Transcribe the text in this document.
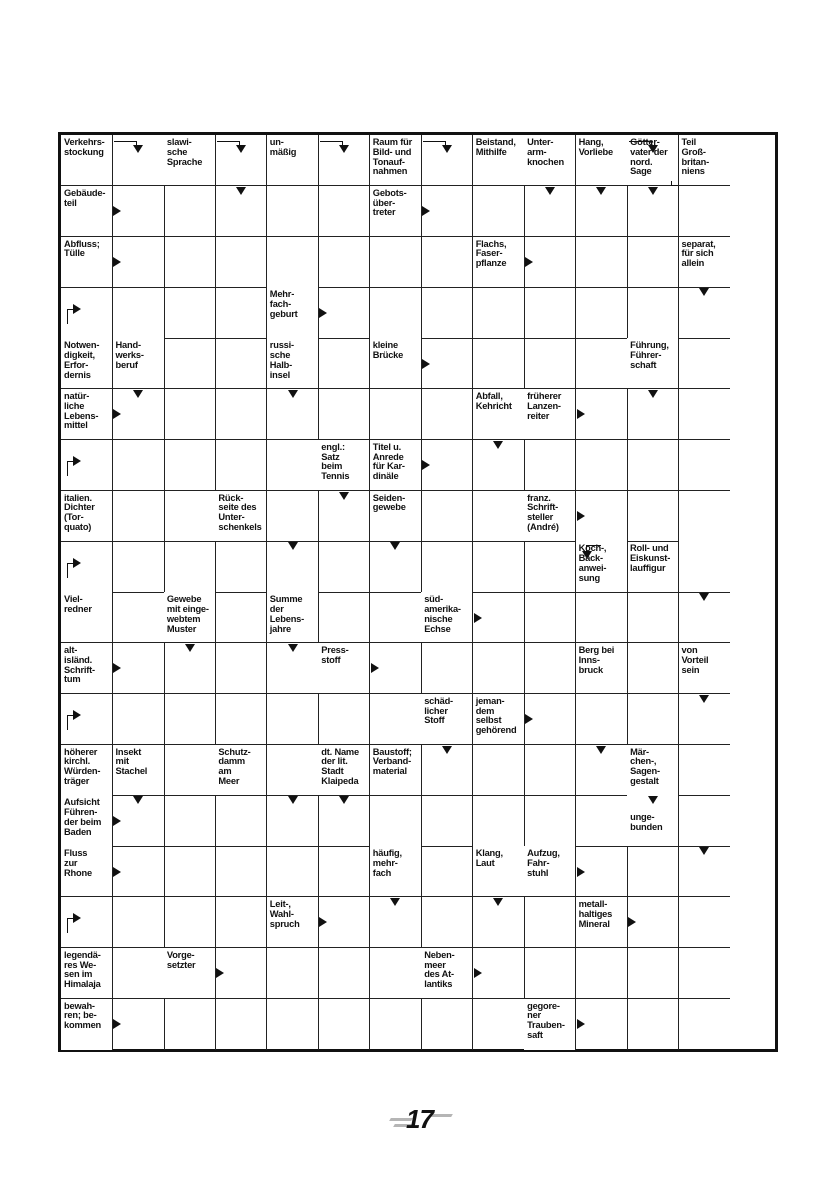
Verkehrs-
stockung
slawi-
sche
Sprache
un-
mäßig
Raum für
Bild- und
Tonauf-
nahmen
Beistand,
Mithilfe
Unter-
arm-
knochen
Hang,
Vorliebe
Götter-
vater der
nord.
Sage
Teil
Groß-
britan-
niens
Gebäude-
teil
Gebots-
über-
treter
Abfluss;
Tülle
Flachs,
Faser-
pflanze
separat,
für sich
allein
Mehr-
fach-
geburt
Notwen-
digkeit,
Erfor-
dernis
Hand-
werks-
beruf
russi-
sche
Halb-
insel
kleine
Brücke
Führung,
Führer-
schaft
natür-
liche
Lebens-
mittel
Abfall,
Kehricht
früherer
Lanzen-
reiter
engl.:
Satz
beim
Tennis
Titel u.
Anrede
für Kar-
dinäle
italien.
Dichter
(Tor-
quato)
Rück-
seite des
Unter-
schenkels
Seiden-
gewebe
franz.
Schrift-
steller
(André)
Koch-,
Back-
anwei-
sung
Roll- und
Eiskunst-
lauffigur
Viel-
redner
Gewebe
mit einge-
webtem
Muster
Summe
der
Lebens-
jahre
süd-
amerika-
nische
Echse
alt-
isländ.
Schrift-
tum
Press-
stoff
Berg bei
Inns-
bruck
von
Vorteil
sein
schäd-
licher
Stoff
jeman-
dem
selbst
gehörend
höherer
kirchl.
Würden-
träger
Insekt
mit
Stachel
Schutz-
damm
am
Meer
dt. Name
der lit.
Stadt
Klaipeda
Baustoff;
Verband-
material
Mär-
chen-,
Sagen-
gestalt
Aufsicht
Führen-
der beim
Baden
unge-
bunden
Fluss
zur
Rhone
häufig,
mehr-
fach
Klang,
Laut
Aufzug,
Fahr-
stuhl
Leit-,
Wahl-
spruch
metall-
haltiges
Mineral
legendä-
res We-
sen im
Himalaja
Vorge-
setzter
Neben-
meer
des At-
lantiks
bewah-
ren; be-
kommen
gegore-
ner
Trauben-
saft
17
